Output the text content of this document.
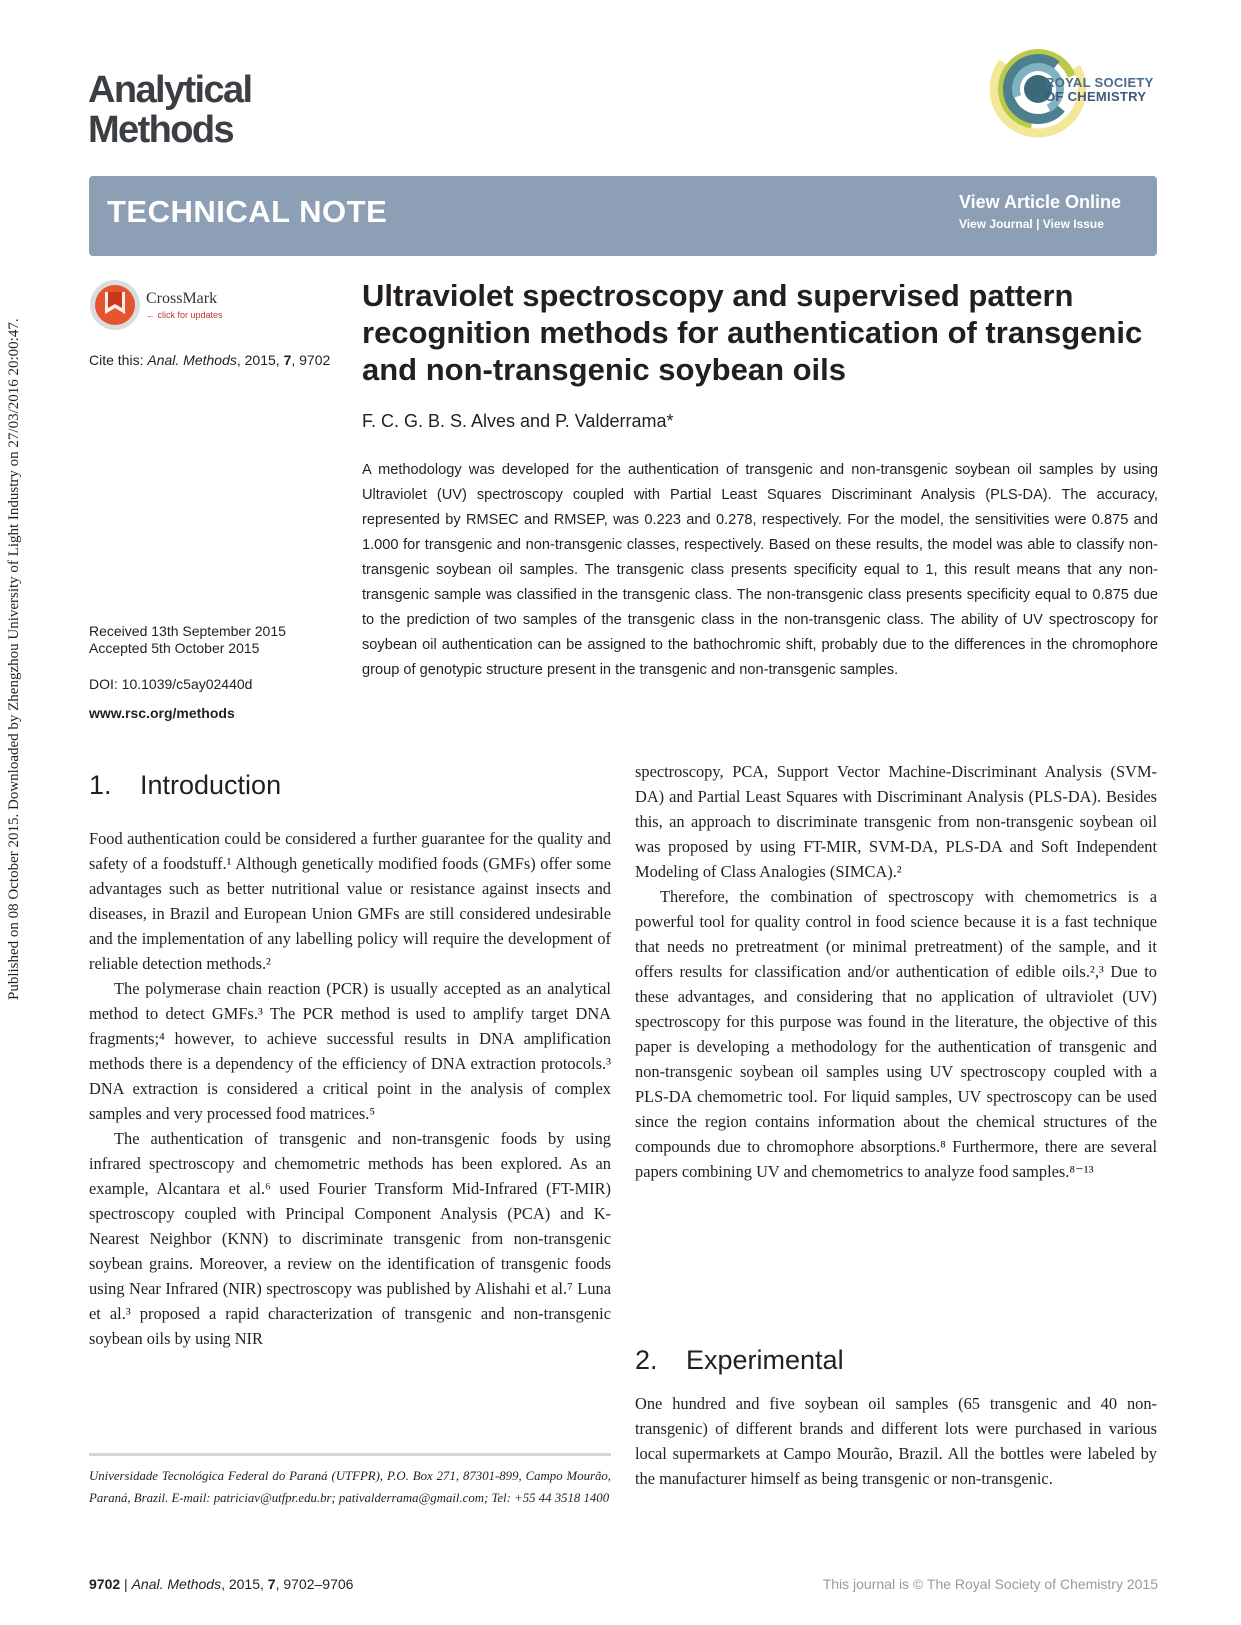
Published on 08 October 2015. Downloaded by Zhengzhou University of Light Industry on 27/03/2016 20:00:47.
Analytical
Methods
ROYAL SOCIETY
OF CHEMISTRY
TECHNICAL NOTE	View Article Online
View Journal | View Issue
CrossMark
← click for updates
Cite this: Anal. Methods, 2015, 7, 9702
Received 13th September 2015
Accepted 5th October 2015
DOI: 10.1039/c5ay02440d
www.rsc.org/methods
Ultraviolet spectroscopy and supervised pattern recognition methods for authentication of transgenic and non-transgenic soybean oils
F. C. G. B. S. Alves and P. Valderrama*

A methodology was developed for the authentication of transgenic and non-transgenic soybean oil samples by using Ultraviolet (UV) spectroscopy coupled with Partial Least Squares Discriminant Analysis (PLS-DA). The accuracy, represented by RMSEC and RMSEP, was 0.223 and 0.278, respectively. For the model, the sensitivities were 0.875 and 1.000 for transgenic and non-transgenic classes, respectively. Based on these results, the model was able to classify non-transgenic soybean oil samples. The transgenic class presents specificity equal to 1, this result means that any non-transgenic sample was classified in the transgenic class. The non-transgenic class presents specificity equal to 0.875 due to the prediction of two samples of the transgenic class in the non-transgenic class. The ability of UV spectroscopy for soybean oil authentication can be assigned to the bathochromic shift, probably due to the differences in the chromophore group of genotypic structure present in the transgenic and non-transgenic samples.

1. Introduction

Food authentication could be considered a further guarantee for the quality and safety of a foodstuff.¹ Although genetically modified foods (GMFs) offer some advantages such as better nutritional value or resistance against insects and diseases, in Brazil and European Union GMFs are still considered undesirable and the implementation of any labelling policy will require the development of reliable detection methods.²

The polymerase chain reaction (PCR) is usually accepted as an analytical method to detect GMFs.³ The PCR method is used to amplify target DNA fragments;⁴ however, to achieve successful results in DNA amplification methods there is a dependency of the efficiency of DNA extraction protocols.³ DNA extraction is considered a critical point in the analysis of complex samples and very processed food matrices.⁵

The authentication of transgenic and non-transgenic foods by using infrared spectroscopy and chemometric methods has been explored. As an example, Alcantara et al.⁶ used Fourier Transform Mid-Infrared (FT-MIR) spectroscopy coupled with Principal Component Analysis (PCA) and K-Nearest Neighbor (KNN) to discriminate transgenic from non-transgenic soybean grains. Moreover, a review on the identification of transgenic foods using Near Infrared (NIR) spectroscopy was published by Alishahi et al.⁷ Luna et al.³ proposed a rapid characterization of transgenic and non-transgenic soybean oils by using NIR

spectroscopy, PCA, Support Vector Machine-Discriminant Analysis (SVM-DA) and Partial Least Squares with Discriminant Analysis (PLS-DA). Besides this, an approach to discriminate transgenic from non-transgenic soybean oil was proposed by using FT-MIR, SVM-DA, PLS-DA and Soft Independent Modeling of Class Analogies (SIMCA).²

Therefore, the combination of spectroscopy with chemometrics is a powerful tool for quality control in food science because it is a fast technique that needs no pretreatment (or minimal pretreatment) of the sample, and it offers results for classification and/or authentication of edible oils.²,³ Due to these advantages, and considering that no application of ultraviolet (UV) spectroscopy for this purpose was found in the literature, the objective of this paper is developing a methodology for the authentication of transgenic and non-transgenic soybean oil samples using UV spectroscopy coupled with a PLS-DA chemometric tool. For liquid samples, UV spectroscopy can be used since the region contains information about the chemical structures of the compounds due to chromophore absorptions.⁸ Furthermore, there are several papers combining UV and chemometrics to analyze food samples.⁸⁻¹³

2. Experimental

One hundred and five soybean oil samples (65 transgenic and 40 non-transgenic) of different brands and different lots were purchased in various local supermarkets at Campo Mourão, Brazil. All the bottles were labeled by the manufacturer himself as being transgenic or non-transgenic.

Universidade Tecnológica Federal do Paraná (UTFPR), P.O. Box 271, 87301-899, Campo Mourão, Paraná, Brazil. E-mail: patriciav@utfpr.edu.br; pativalderrama@gmail.com; Tel: +55 44 3518 1400

9702 | Anal. Methods, 2015, 7, 9702–9706	This journal is © The Royal Society of Chemistry 2015
